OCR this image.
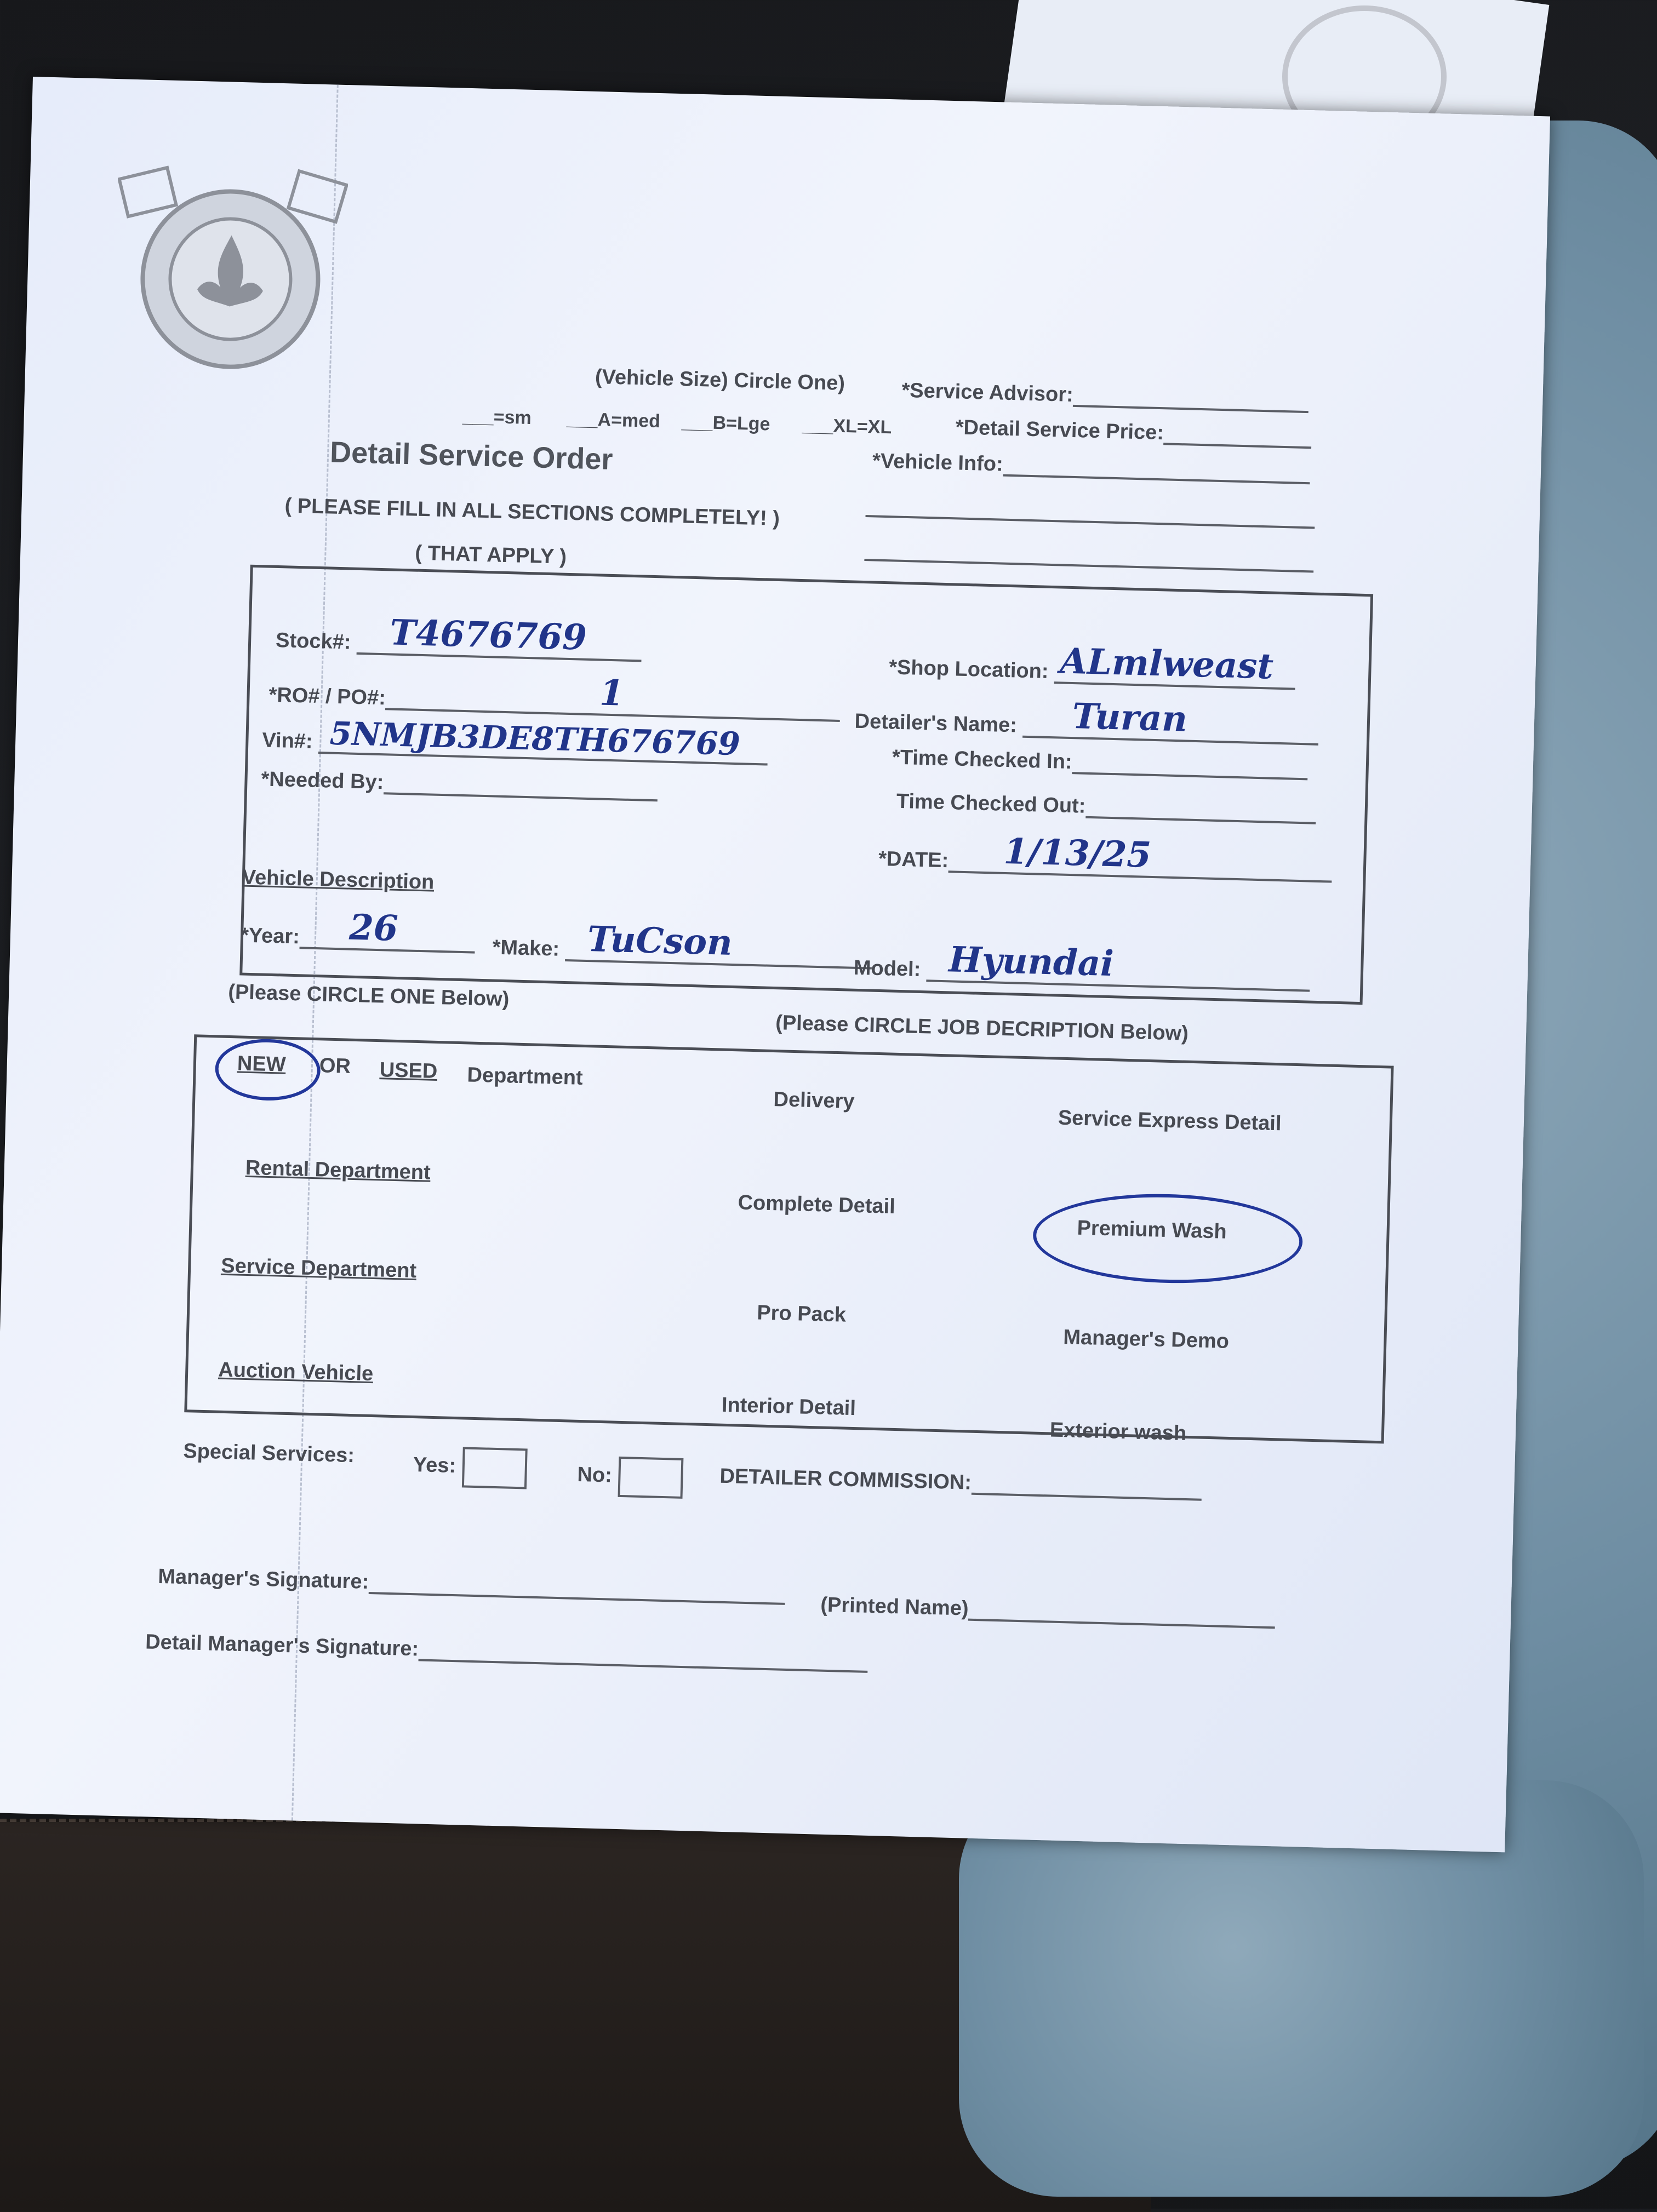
(Vehicle Size) Circle One)
___=sm ___A=med ___B=Lge ___XL=XL
Detail Service Order
( PLEASE FILL IN ALL SECTIONS COMPLETELY! )
( THAT APPLY )
*Service Advisor:
*Detail Service Price:
*Vehicle Info:
Stock#: T4676769
*RO# / PO#:	1
Vin#: 5NMJB3DE8TH676769
*Needed By:
*Shop Location: ALmlweast
Detailer's Name: Turan
*Time Checked In:
Time Checked Out:
*DATE: 1/13/25
Vehicle Description
*Year: 26	*Make: TuCson
Model: Hyundai
(Please CIRCLE ONE Below)
(Please CIRCLE JOB DECRIPTION Below)
NEW OR USED Department
Rental Department
Service Department
Auction Vehicle
Delivery
Service Express Detail
Complete Detail
Premium Wash
Pro Pack
Manager's Demo
Interior Detail
Exterior wash
Special Services:	Yes:	No:	DETAILER COMMISSION:
Manager's Signature:
(Printed Name)
Detail Manager's Signature:
